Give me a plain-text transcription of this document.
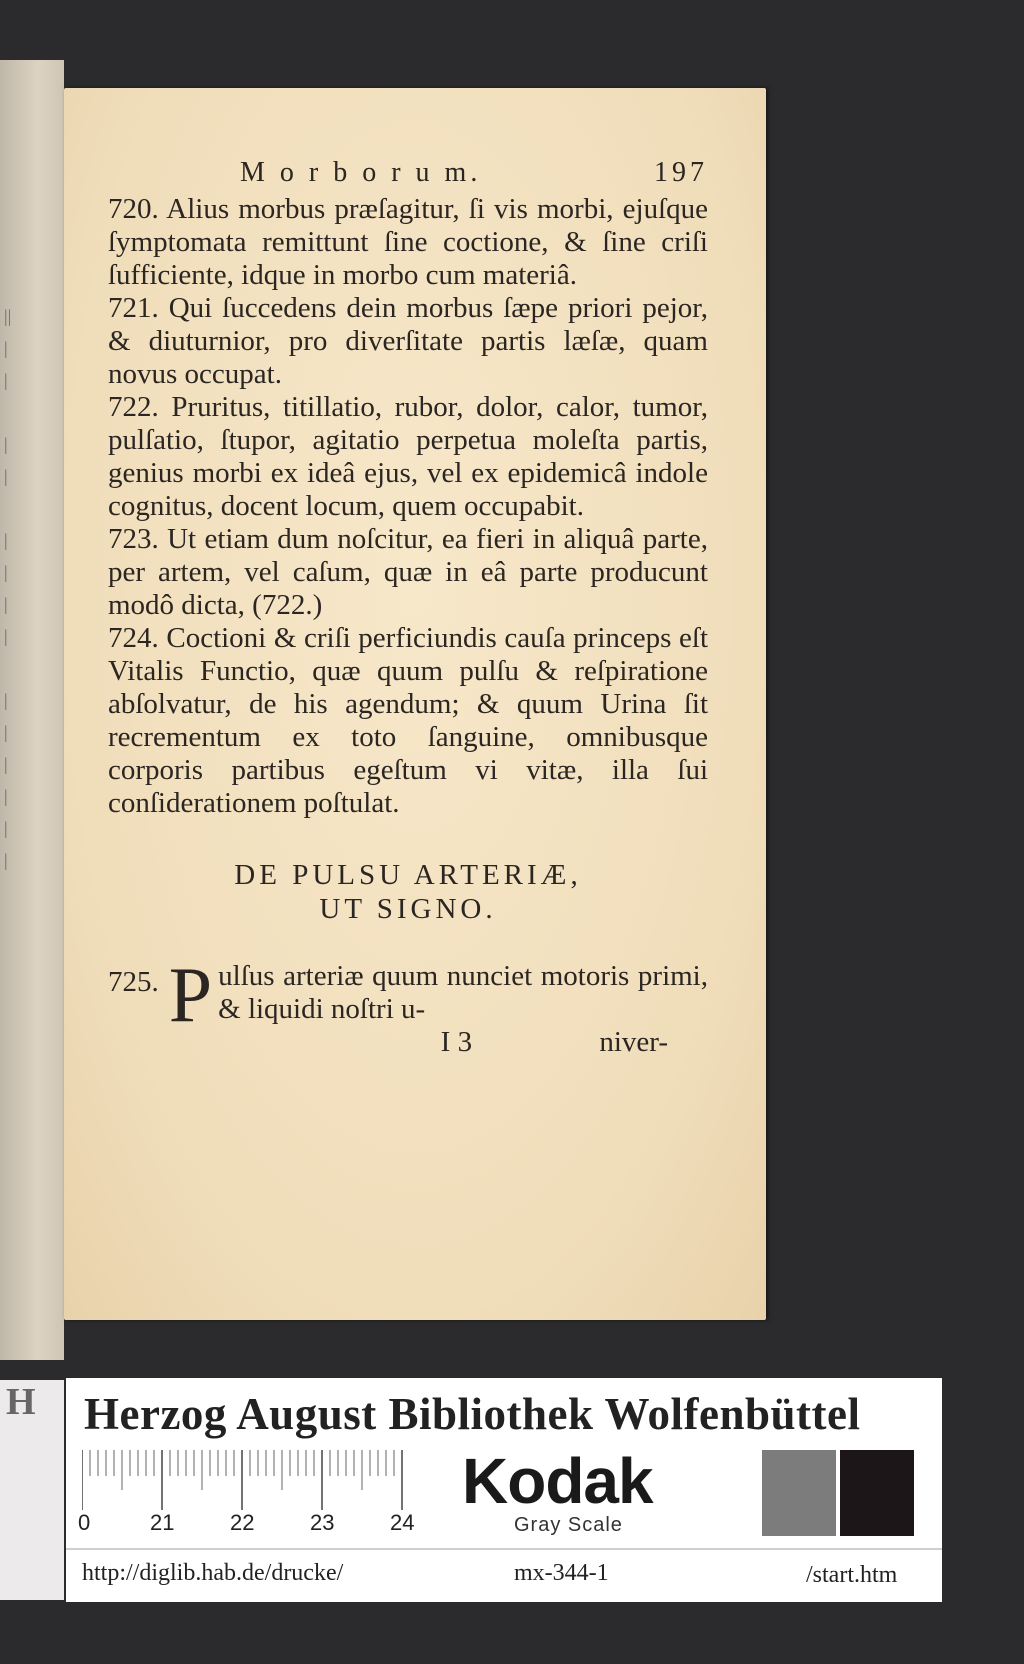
||
|
|

|
|

|
|
|
|

|
|
|
|
|
|
M o r b o r u m.	197

720. Alius morbus præſagitur, ſi vis morbi, ejuſque ſymptomata remittunt ſine coctione, & ſine criſi ſufficiente, idque in morbo cum materiâ.

721. Qui ſuccedens dein morbus ſæpe priori pejor, & diuturnior, pro diverſitate partis læſæ, quam novus occupat.

722. Pruritus, titillatio, rubor, dolor, calor, tumor, pulſatio, ſtupor, agitatio perpetua moleſta partis, genius morbi ex ideâ ejus, vel ex epidemicâ indole cognitus, docent locum, quem occupabit.

723. Ut etiam dum noſcitur, ea fieri in aliquâ parte, per artem, vel caſum, quæ in eâ parte producunt modô dicta, (722.)

724. Coctioni & criſi perficiundis cauſa princeps eſt Vitalis Functio, quæ quum pulſu & reſpiratione abſolvatur, de his agendum; & quum Urina ſit recrementum ex toto ſanguine, omnibusque corporis partibus egeſtum vi vitæ, illa ſui conſiderationem poſtulat.

DE PULSU ARTERIÆ,
UT SIGNO.

725. P ulſus arteriæ quum nunciet motoris primi, & liquidi noſtri u-

I 3	niver-
H Herzog August Bibliothek Wolfenbüttel
0	21	22	23	24
Kodak
Gray Scale
http://diglib.hab.de/drucke/	mx-344-1	/start.htm
